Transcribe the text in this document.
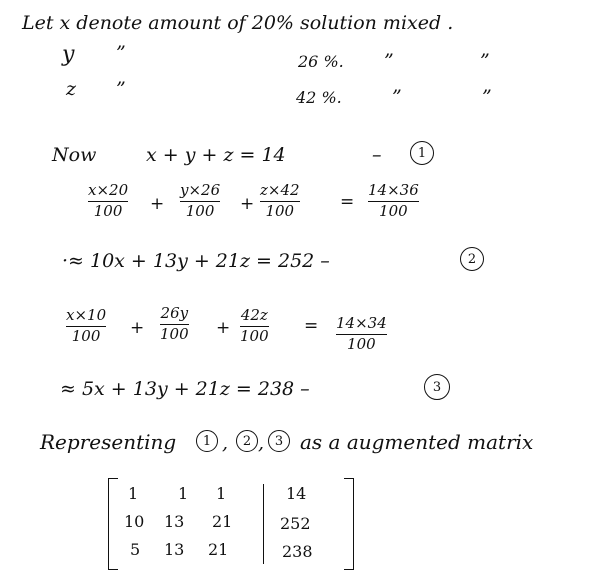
Let x denote amount of 20% solution mixed .
y ”	26 %. ”	”
z ”	42 %.	”	”
Now	x + y + z = 14	–	1
x×20
100 +
y×26
100 +
z×42
100	=
14×36
100
·≈ 10x + 13y + 21z = 252 –	2
x×10
100 +
26y
100 +
42z
100 = 14×34
100
≈ 5x + 13y + 21z = 238 –	3
Representing	1 ,	2 , 3 as a augmented matrix
1 1 1	14
10 13 21	252
5 13 21	238
